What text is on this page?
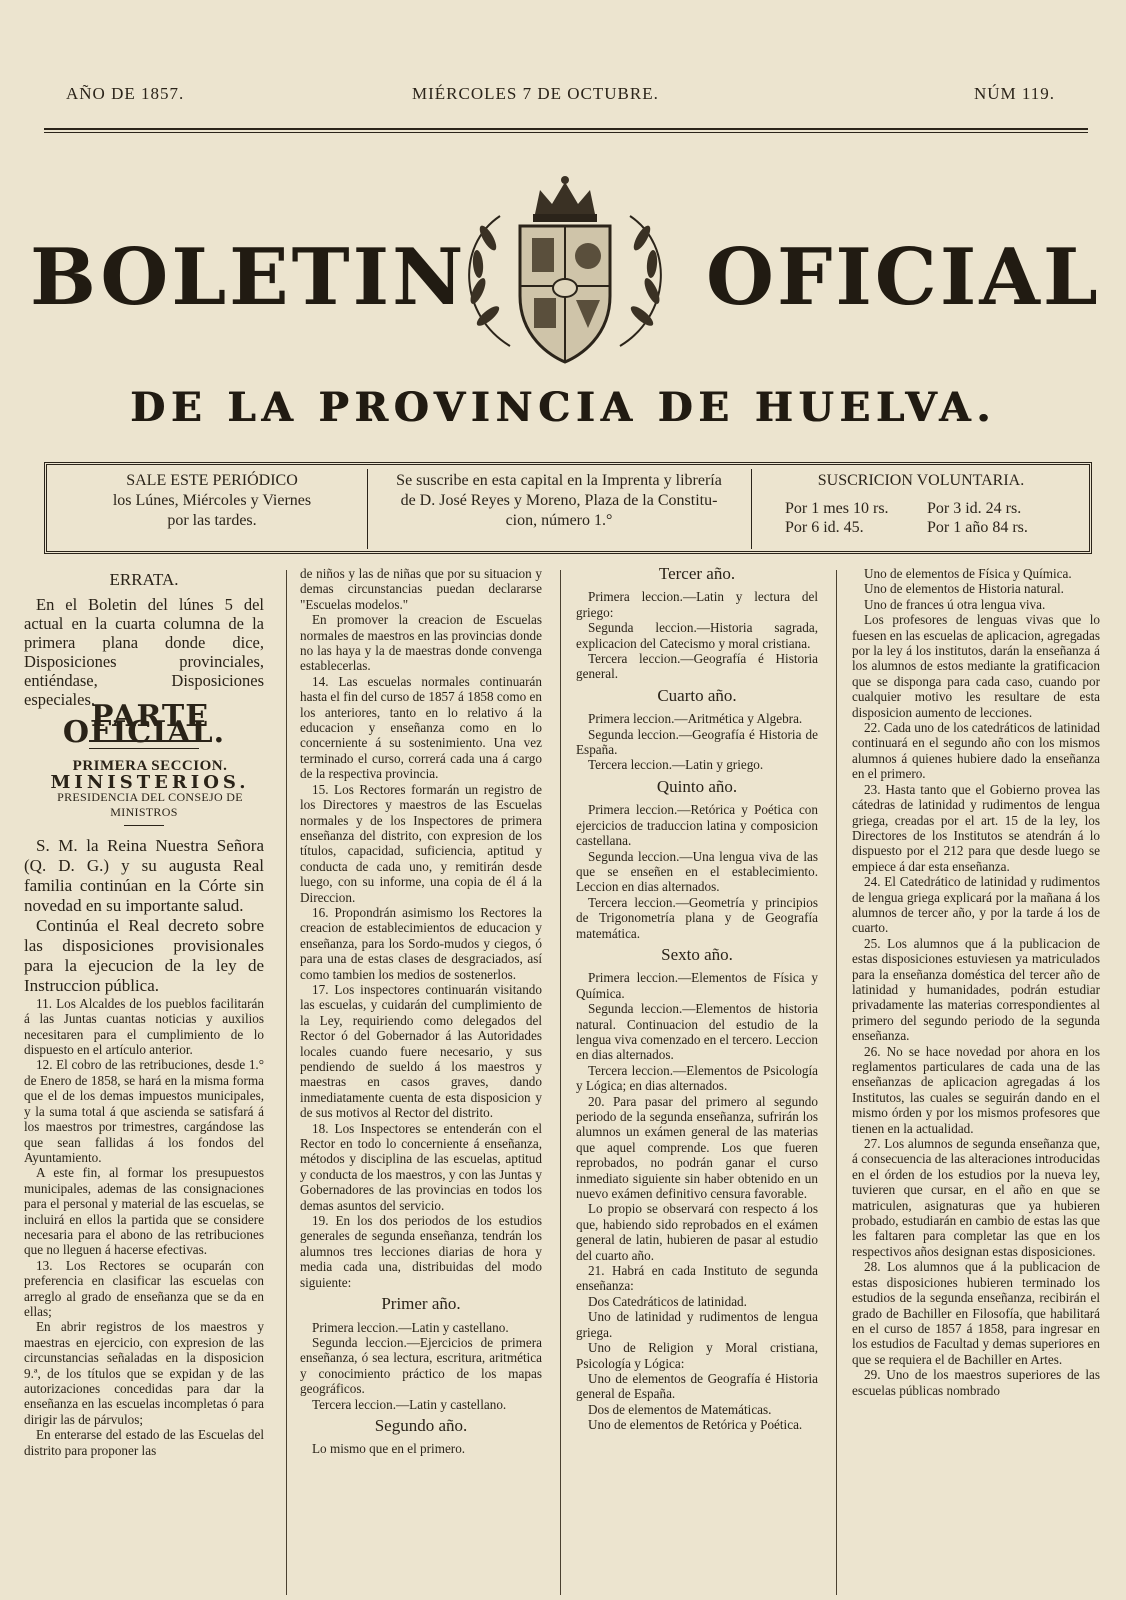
AÑO DE 1857.	MIÉRCOLES 7 DE OCTUBRE.	NÚM 119.
BOLETIN	OFICIAL
DE LA PROVINCIA DE HUELVA.
SALE ESTE PERIÓDICO
los Lúnes, Miércoles y Viernes
por las tardes.
Se suscribe en esta capital en la Imprenta y librería
de D. José Reyes y Moreno, Plaza de la Constitu-
cion, número 1.°
SUSCRICION VOLUNTARIA.
Por 1 mes 10 rs. Por 3 id. 24 rs.
Por 6 id. 45.	Por 1 año 84 rs.

ERRATA.

En el Boletin del lúnes 5 del actual en la cuarta columna de la primera plana donde dice, Disposiciones provinciales, entiéndase, Disposiciones especiales.

PARTE OFICIAL.

PRIMERA SECCION.

MINISTERIOS.

PRESIDENCIA DEL CONSEJO DE MINISTROS

S. M. la Reina Nuestra Señora (Q. D. G.) y su augusta Real familia continúan en la Córte sin novedad en su importante salud.

Continúa el Real decreto sobre las disposiciones provisionales para la ejecucion de la ley de Instruccion pública.

11. Los Alcaldes de los pueblos facilitarán á las Juntas cuantas noticias y auxilios necesitaren para el cumplimiento de lo dispuesto en el artículo anterior.

12. El cobro de las retribuciones, desde 1.° de Enero de 1858, se hará en la misma forma que el de los demas impuestos municipales, y la suma total á que ascienda se satisfará á los maestros por trimestres, cargándose las que sean fallidas á los fondos del Ayuntamiento.

A este fin, al formar los presupuestos municipales, ademas de las consignaciones para el personal y material de las escuelas, se incluirá en ellos la partida que se considere necesaria para el abono de las retribuciones que no lleguen á hacerse efectivas.

13. Los Rectores se ocuparán con preferencia en clasificar las escuelas con arreglo al grado de enseñanza que se da en ellas;

En abrir registros de los maestros y maestras en ejercicio, con expresion de las circunstancias señaladas en la disposicion 9.ª, de los títulos que se expidan y de las autorizaciones concedidas para dar la enseñanza en las escuelas incompletas ó para dirigir las de párvulos;

En enterarse del estado de las Escuelas del distrito para proponer las

de niños y las de niñas que por su situacion y demas circunstancias puedan declararse "Escuelas modelos."

En promover la creacion de Escuelas normales de maestros en las provincias donde no las haya y la de maestras donde convenga establecerlas.

14. Las escuelas normales continuarán hasta el fin del curso de 1857 á 1858 como en los anteriores, tanto en lo relativo á la educacion y enseñanza como en lo concerniente á su sostenimiento. Una vez terminado el curso, correrá cada una á cargo de la respectiva provincia.

15. Los Rectores formarán un registro de los Directores y maestros de las Escuelas normales y de los Inspectores de primera enseñanza del distrito, con expresion de los títulos, capacidad, suficiencia, aptitud y conducta de cada uno, y remitirán desde luego, con su informe, una copia de él á la Direccion.

16. Propondrán asimismo los Rectores la creacion de establecimientos de educacion y enseñanza, para los Sordo-mudos y ciegos, ó para una de estas clases de desgraciados, así como tambien los medios de sostenerlos.

17. Los inspectores continuarán visitando las escuelas, y cuidarán del cumplimiento de la Ley, requiriendo como delegados del Rector ó del Gobernador á las Autoridades locales cuando fuere necesario, y sus pendiendo de sueldo á los maestros y maestras en casos graves, dando inmediatamente cuenta de esta disposicion y de sus motivos al Rector del distrito.

18. Los Inspectores se entenderán con el Rector en todo lo concerniente á enseñanza, métodos y disciplina de las escuelas, aptitud y conducta de los maestros, y con las Juntas y Gobernadores de las provincias en todos los demas asuntos del servicio.

19. En los dos periodos de los estudios generales de segunda enseñanza, tendrán los alumnos tres lecciones diarias de hora y media cada una, distribuidas del modo siguiente:

Primer año.

Primera leccion.—Latin y castellano.

Segunda leccion.—Ejercicios de primera enseñanza, ó sea lectura, escritura, aritmética y conocimiento práctico de los mapas geográficos.

Tercera leccion.—Latin y castellano.

Segundo año.

Lo mismo que en el primero.

Tercer año.

Primera leccion.—Latin y lectura del griego:

Segunda leccion.—Historia sagrada, explicacion del Catecismo y moral cristiana.

Tercera leccion.—Geografía é Historia general.

Cuarto año.

Primera leccion.—Aritmética y Algebra.

Segunda leccion.—Geografía é Historia de España.

Tercera leccion.—Latin y griego.

Quinto año.

Primera leccion.—Retórica y Poética con ejercicios de traduccion latina y composicion castellana.

Segunda leccion.—Una lengua viva de las que se enseñen en el establecimiento. Leccion en dias alternados.

Tercera leccion.—Geometría y principios de Trigonometría plana y de Geografía matemática.

Sexto año.

Primera leccion.—Elementos de Física y Química.

Segunda leccion.—Elementos de historia natural. Continuacion del estudio de la lengua viva comenzado en el tercero. Leccion en dias alternados.

Tercera leccion.—Elementos de Psicología y Lógica; en dias alternados.

20. Para pasar del primero al segundo periodo de la segunda enseñanza, sufrirán los alumnos un exámen general de las materias que aquel comprende. Los que fueren reprobados, no podrán ganar el curso inmediato siguiente sin haber obtenido en un nuevo exámen definitivo censura favorable.

Lo propio se observará con respecto á los que, habiendo sido reprobados en el exámen general de latin, hubieren de pasar al estudio del cuarto año.

21. Habrá en cada Instituto de segunda enseñanza:

Dos Catedráticos de latinidad.

Uno de latinidad y rudimentos de lengua griega.

Uno de Religion y Moral cristiana, Psicología y Lógica:

Uno de elementos de Geografía é Historia general de España.

Dos de elementos de Matemáticas.

Uno de elementos de Retórica y Poética.

Uno de elementos de Física y Química.

Uno de elementos de Historia natural.

Uno de frances ú otra lengua viva.

Los profesores de lenguas vivas que lo fuesen en las escuelas de aplicacion, agregadas por la ley á los institutos, darán la enseñanza á los alumnos de estos mediante la gratificacion que se disponga para cada caso, cuando por cualquier motivo les resultare de esta disposicion aumento de lecciones.

22. Cada uno de los catedráticos de latinidad continuará en el segundo año con los mismos alumnos á quienes hubiere dado la enseñanza en el primero.

23. Hasta tanto que el Gobierno provea las cátedras de latinidad y rudimentos de lengua griega, creadas por el art. 15 de la ley, los Directores de los Institutos se atendrán á lo dispuesto por el 212 para que desde luego se empiece á dar esta enseñanza.

24. El Catedrático de latinidad y rudimentos de lengua griega explicará por la mañana á los alumnos de tercer año, y por la tarde á los de cuarto.

25. Los alumnos que á la publicacion de estas disposiciones estuviesen ya matriculados para la enseñanza doméstica del tercer año de latinidad y humanidades, podrán estudiar privadamente las materias correspondientes al primero del segundo periodo de la segunda enseñanza.

26. No se hace novedad por ahora en los reglamentos particulares de cada una de las enseñanzas de aplicacion agregadas á los Institutos, las cuales se seguirán dando en el mismo órden y por los mismos profesores que tienen en la actualidad.

27. Los alumnos de segunda enseñanza que, á consecuencia de las alteraciones introducidas en el órden de los estudios por la nueva ley, tuvieren que cursar, en el año en que se matriculen, asignaturas que ya hubieren probado, estudiarán en cambio de estas las que les faltaren para completar las que en los respectivos años designan estas disposiciones.

28. Los alumnos que á la publicacion de estas disposiciones hubieren terminado los estudios de la segunda enseñanza, recibirán el grado de Bachiller en Filosofía, que habilitará en el curso de 1857 á 1858, para ingresar en los estudios de Facultad y demas superiores en que se requiera el de Bachiller en Artes.

29. Uno de los maestros superiores de las escuelas públicas nombrado
